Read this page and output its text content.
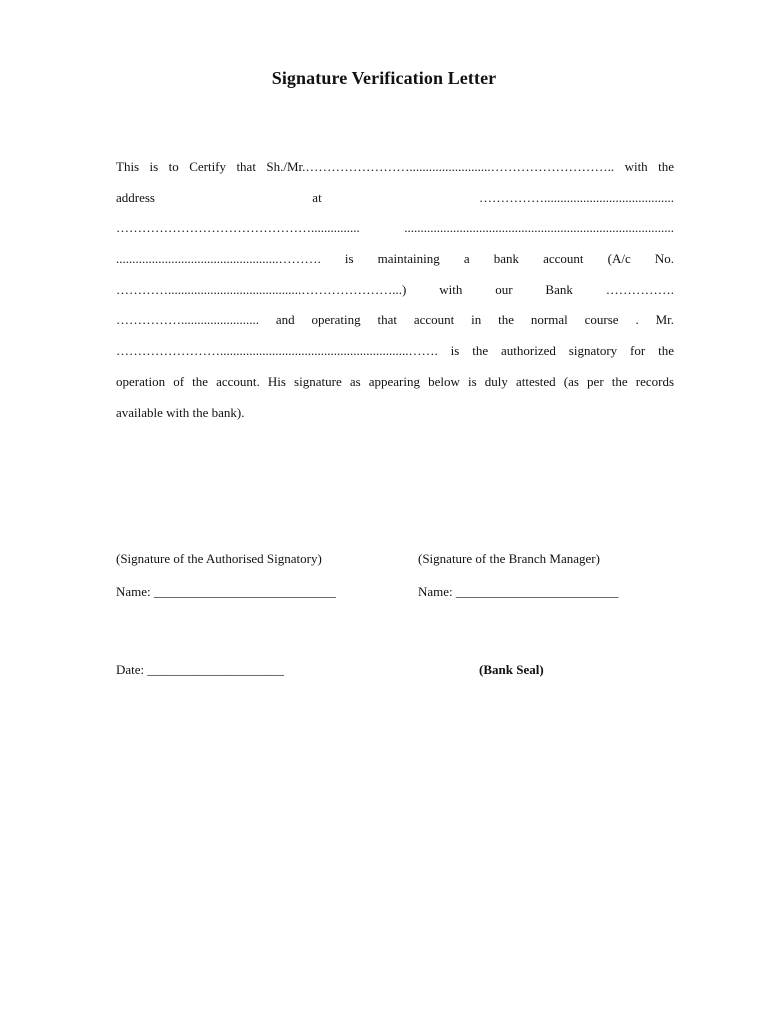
Signature Verification Letter
This is to Certify that Sh./Mr.…………………….........................……………………….. with the
address at ……………........................................
………………………………………............... ...................................................................................
..................................................………. is maintaining a bank account (A/c No.
………….........................................…………………...) with our Bank …………….
……………........................ and operating that account in the normal course . Mr.
……………………..........................................................……. is the authorized signatory for the
operation of the account. His signature as appearing below is duly attested (as per the records
available with the bank).
(Signature of the Authorised Signatory)	(Signature of the Branch Manager)
Name: ____________________________	Name: _________________________
Date: _____________________	(Bank Seal)
